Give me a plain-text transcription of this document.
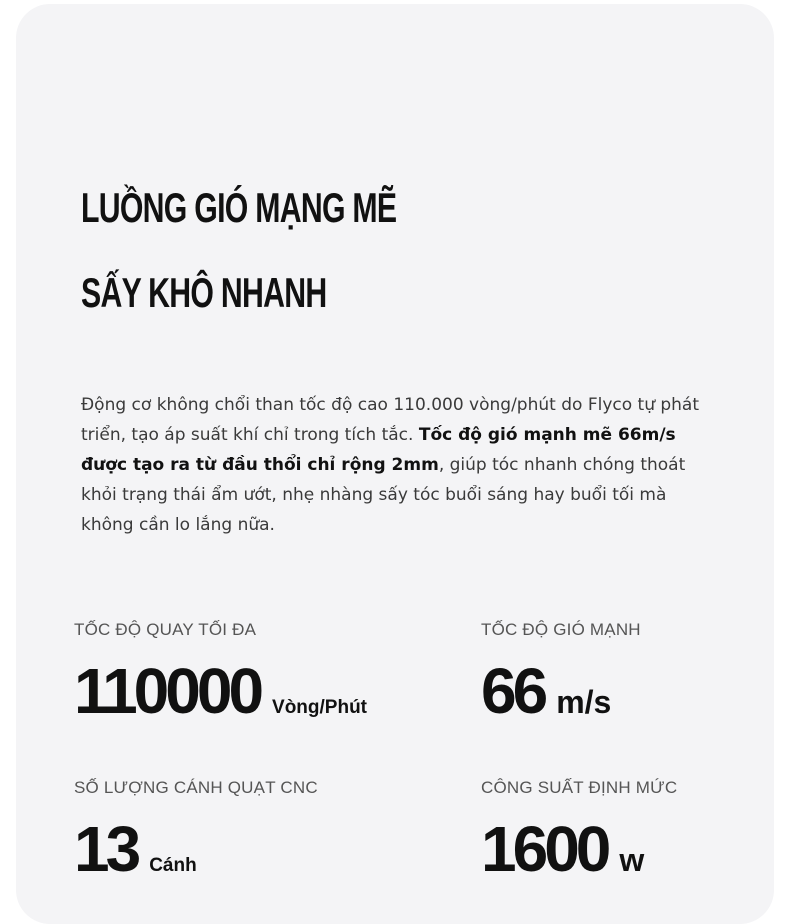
LUỒNG GIÓ MẠNG MẼ
SẤY KHÔ NHANH

Động cơ không chổi than tốc độ cao 110.000 vòng/phút do Flyco tự phát triển, tạo áp suất khí chỉ trong tích tắc. Tốc độ gió mạnh mẽ 66m/s được tạo ra từ đầu thổi chỉ rộng 2mm, giúp tóc nhanh chóng thoát khỏi trạng thái ẩm ướt, nhẹ nhàng sấy tóc buổi sáng hay buổi tối mà không cần lo lắng nữa.

TỐC ĐỘ QUAY TỐI ĐA
110000 Vòng/Phút
TỐC ĐỘ GIÓ MẠNH
66 m/s
SỐ LƯỢNG CÁNH QUẠT CNC
13 Cánh
CÔNG SUẤT ĐỊNH MỨC
1600 w
